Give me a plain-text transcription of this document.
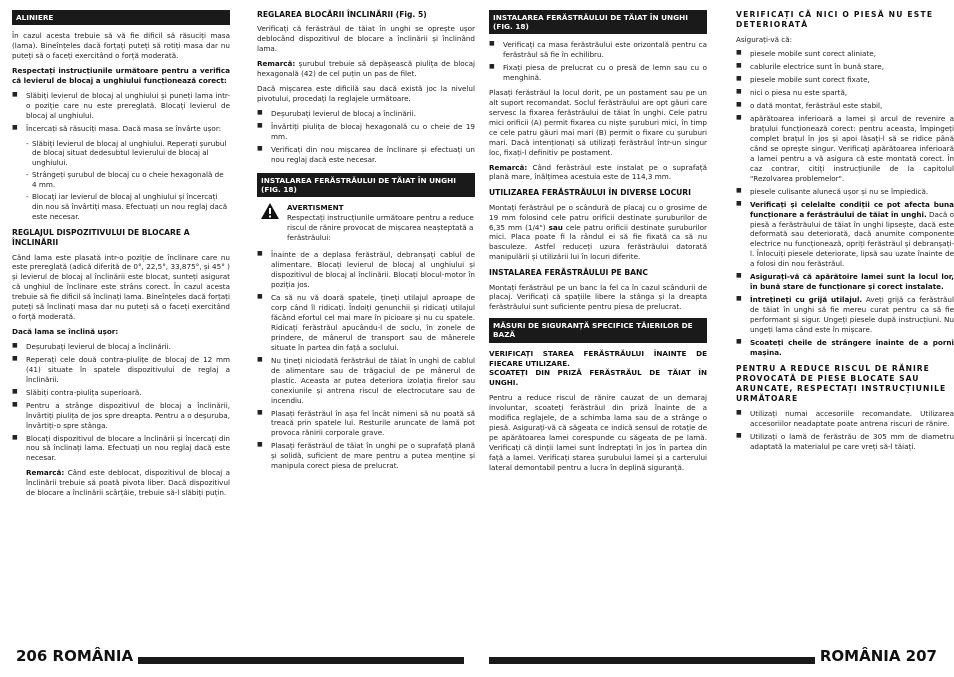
ALINIERE

În cazul acesta trebuie să vă fie dificil să răsuciți masa (lama). Bineînțeles dacă forțați puteți să rotiți masa dar nu puteți să o faceți exercitând o forță moderată.

Respectați instrucțiunile următoare pentru a verifica că levierul de blocaj a unghiului funcționează corect:

■ Slăbiți levierul de blocaj al unghiului și puneți lama intr-o poziție care nu este prereglată. Blocați levierul de blocaj al unghiului.
■ Încercați să răsuciți masa. Dacă masa se învârte ușor:
- Slăbiți levierul de blocaj al unghiului. Reperați șurubul de blocaj situat dedesubtul levierului de blocaj al unghiului.
- Strângeți șurubul de blocaj cu o cheie hexagonală de 4 mm.
- Blocați iar levierul de blocaj al unghiului și încercați din nou să învârtiți masa. Efectuați un nou reglaj dacă este necesar.
REGLAJUL DISPOZITIVULUI DE BLOCARE A ÎNCLINĂRII

Când lama este plasată intr-o poziție de înclinare care nu este prereglată (adică diferită de 0°, 22,5°, 33,875°, și 45° ) și levierul de blocaj al înclinării este blocat, sunteți asigurat că unghiul de înclinare este strâns corect. În cazul acesta trebuie să fie dificil să înclinați lama. Bineînțeles dacă forțați puteți să înclinați masa dar nu puteți să o faceți exercitând o forță moderată.

Dacă lama se înclină ușor:

■ Deșurubați levierul de blocaj a înclinării.
■ Reperați cele două contra-piulițe de blocaj de 12 mm (41) situate în spatele dispozitivului de reglaj a înclinării.
■ Slăbiți contra-piulița superioară.
■ Pentru a strânge dispozitivul de blocaj a înclinării, învârtiți piulița de jos spre dreapta. Pentru a o deșuruba, învârtiți-o spre stânga.
■ Blocați dispozitivul de blocare a înclinării și încercați din nou să înclinați lama. Efectuați un nou reglaj dacă este necesar.

Remarcă: Când este deblocat, dispozitivul de blocaj a înclinării trebuie să poată pivota liber. Dacă dispozitivul de blocare a înclinării scârțâie, trebuie să-l slăbiți puțin.

REGLAREA BLOCĂRII ÎNCLINĂRII (Fig. 5)

Verificați că ferăstrăul de tăiat în unghi se oprește ușor deblocând dispozitivul de blocare a înclinării și înclinând lama.

Remarcă: șurubul trebuie să depășească piulița de blocaj hexagonală (42) de cel puțin un pas de filet.

Dacă mișcarea este dificilă sau dacă există joc la nivelul pivotului, procedați la reglajele următoare.

■ Deșurubați levierul de blocaj a înclinării.
■ Învârtiți piulița de blocaj hexagonală cu o cheie de 19 mm.
■ Verificați din nou mișcarea de înclinare și efectuați un nou reglaj dacă este necesar.
INSTALAREA FERĂSTRĂULUI DE TĂIAT ÎN UNGHI (FIG. 18)
AVERTISMENT
Respectați instrucțiunile următoare pentru a reduce riscul de rănire provocat de mișcarea neașteptată a ferăstrăului:
■ Înainte de a deplasa ferăstrăul, debranșați cablul de alimentare. Blocați levierul de blocaj al unghiului și dispozitivul de blocaj al înclinării. Blocați blocul-motor în poziția jos.
■ Ca să nu vă doară spatele, țineți utilajul aproape de corp când îl ridicați. Îndoiți genunchii și ridicați utilajul făcând efortul cel mai mare în picioare și nu cu spatele. Ridicați ferăstrăul apucându-l de soclu, în zonele de prindere, de mânerul de transport sau de mânerele situate în partea din față a soclului.
■ Nu țineți niciodată ferăstrăul de tăiat în unghi de cablul de alimentare sau de trăgaciul de pe mânerul de plastic. Aceasta ar putea deteriora izolația firelor sau conexiunile și antrena riscul de electrocutare sau de incendiu.
■ Plasați ferăstrăul în așa fel încât nimeni să nu poată să treacă prin spatele lui. Resturile aruncate de lamă pot provoca rănirii corporale grave.
■ Plasați ferăstrăul de tăiat în unghi pe o suprafață plană și solidă, suficient de mare pentru a putea menține și manipula corect piesa de prelucrat.
INSTALAREA FERĂSTRĂULUI DE TĂIAT ÎN UNGHI (FIG. 18)
■ Verificați ca masa ferăstrăului este orizontală pentru ca ferăstrăul să fie în echilibru.
■ Fixați piesa de prelucrat cu o presă de lemn sau cu o menghină.

Plasați ferăstrăul la locul dorit, pe un postament sau pe un alt suport recomandat. Soclul ferăstrăului are opt găuri care servesc la fixarea ferăstrăului de tăiat în unghi. Cele patru mici orificii (A) permit fixarea cu niște șuruburi mici, în timp ce cele patru găuri mai mari (B) permit o fixare cu șuruburi mari. Dacă intenționați să utilizați ferăstrăul într-un singur loc, fixați-l definitiv pe postament.

Remarcă: Când ferăstrăul este instalat pe o suprafață plană mare, înălțimea acestuia este de 114,3 mm.

UTILIZAREA FERĂSTRĂULUI ÎN DIVERSE LOCURI

Montați ferăstrăul pe o scândură de placaj cu o grosime de 19 mm folosind cele patru orificii destinate șuruburilor de 6,35 mm (1/4") sau cele patru orificii destinate șuruburilor mici. Placa poate fi la rândul ei să fie fixată ca să nu basculeze. Astfel reduceți uzura ferăstrăului datorată manipulării și utilizării lui în locuri diferite.

INSTALAREA FERĂSTRĂULUI PE BANC

Montați ferăstrăul pe un banc la fel ca în cazul scândurii de placaj. Verificați că spațiile libere la stânga și la dreapta ferăstrăului sunt suficiente pentru piesa de prelucrat.

MĂSURI DE SIGURANȚĂ SPECIFICE TĂIERILOR DE BAZĂ

VERIFICAȚI STAREA FERĂSTRĂULUI ÎNAINTE DE FIECARE UTILIZARE.
SCOATEȚI DIN PRIZĂ FERĂSTRĂUL DE TĂIAT ÎN UNGHI.

Pentru a reduce riscul de rănire cauzat de un demaraj involuntar, scoateți ferăstrăul din priză înainte de a modifica reglajele, de a schimba lama sau de a strânge o piesă. Asigurați-vă că săgeata ce indică sensul de rotație de pe apărătoarea lamei corespunde cu săgeata de pe lamă. Verificați că dinții lamei sunt îndreptați în jos în partea din față a lamei. Verificați starea șurubului lamei și a carterului lateral demontabil pentru a lucra în deplină siguranță.

VERIFICAȚI CĂ NICI O PIESĂ NU ESTE DETERIORATĂ

Asigurați-vă că:

■ piesele mobile sunt corect aliniate,
■ cablurile electrice sunt în bună stare,
■ piesele mobile sunt corect fixate,
■ nici o piesa nu este spartă,
■ o dată montat, ferăstrăul este stabil,
■ apărătoarea inferioară a lamei și arcul de revenire a brațului funcționează corect: pentru aceasta, împingeți complet brațul în jos și apoi lăsați-l să se ridice până când se oprește singur. Verificați apărătoarea inferioară a lamei pentru a vă asigura că este montată corect. În caz contrar, citiți instrucțiunile de la capitolul "Rezolvarea problemelor".
■ piesele culisante alunecă ușor și nu se împiedică.
■ Verificați și celelalte condiții ce pot afecta buna funcționare a ferăstrăului de tăiat în unghi. Dacă o piesă a ferăstrăului de tăiat în unghi lipsește, dacă este deformată sau deteriorată, dacă anumite componente electrice nu funcționează, opriți ferăstrăul și debranșați-l. Înlocuiți piesele deteriorate, lipsă sau uzate înainte de a folosi din nou ferăstrăul.
■ Asigurați-vă că apărătoire lamei sunt la locul lor, în bună stare de funcționare și corect instalate.
■ Întrețineți cu grijă utilajul. Aveți grijă ca ferăstrăul de tăiat în unghi să fie mereu curat pentru ca să fie performant și sigur. Ungeți piesele după instrucțiuni. Nu ungeți lama când este în mișcare.
■ Scoateți cheile de strângere înainte de a porni mașina.
PENTRU A REDUCE RISCUL DE RĂNIRE PROVOCATĂ DE PIESE BLOCATE SAU ARUNCATE, RESPECTAȚI INSTRUCȚIUNILE URMĂTOARE
■ Utilizați numai accesoriile recomandate. Utilizarea accesoriilor neadaptate poate antrena riscuri de rănire.
■ Utilizați o lamă de ferăstrău de 305 mm de diametru adaptată la materialul pe care vreți să-l tăiați.
206 ROMÂNIA	ROMÂNIA 207
